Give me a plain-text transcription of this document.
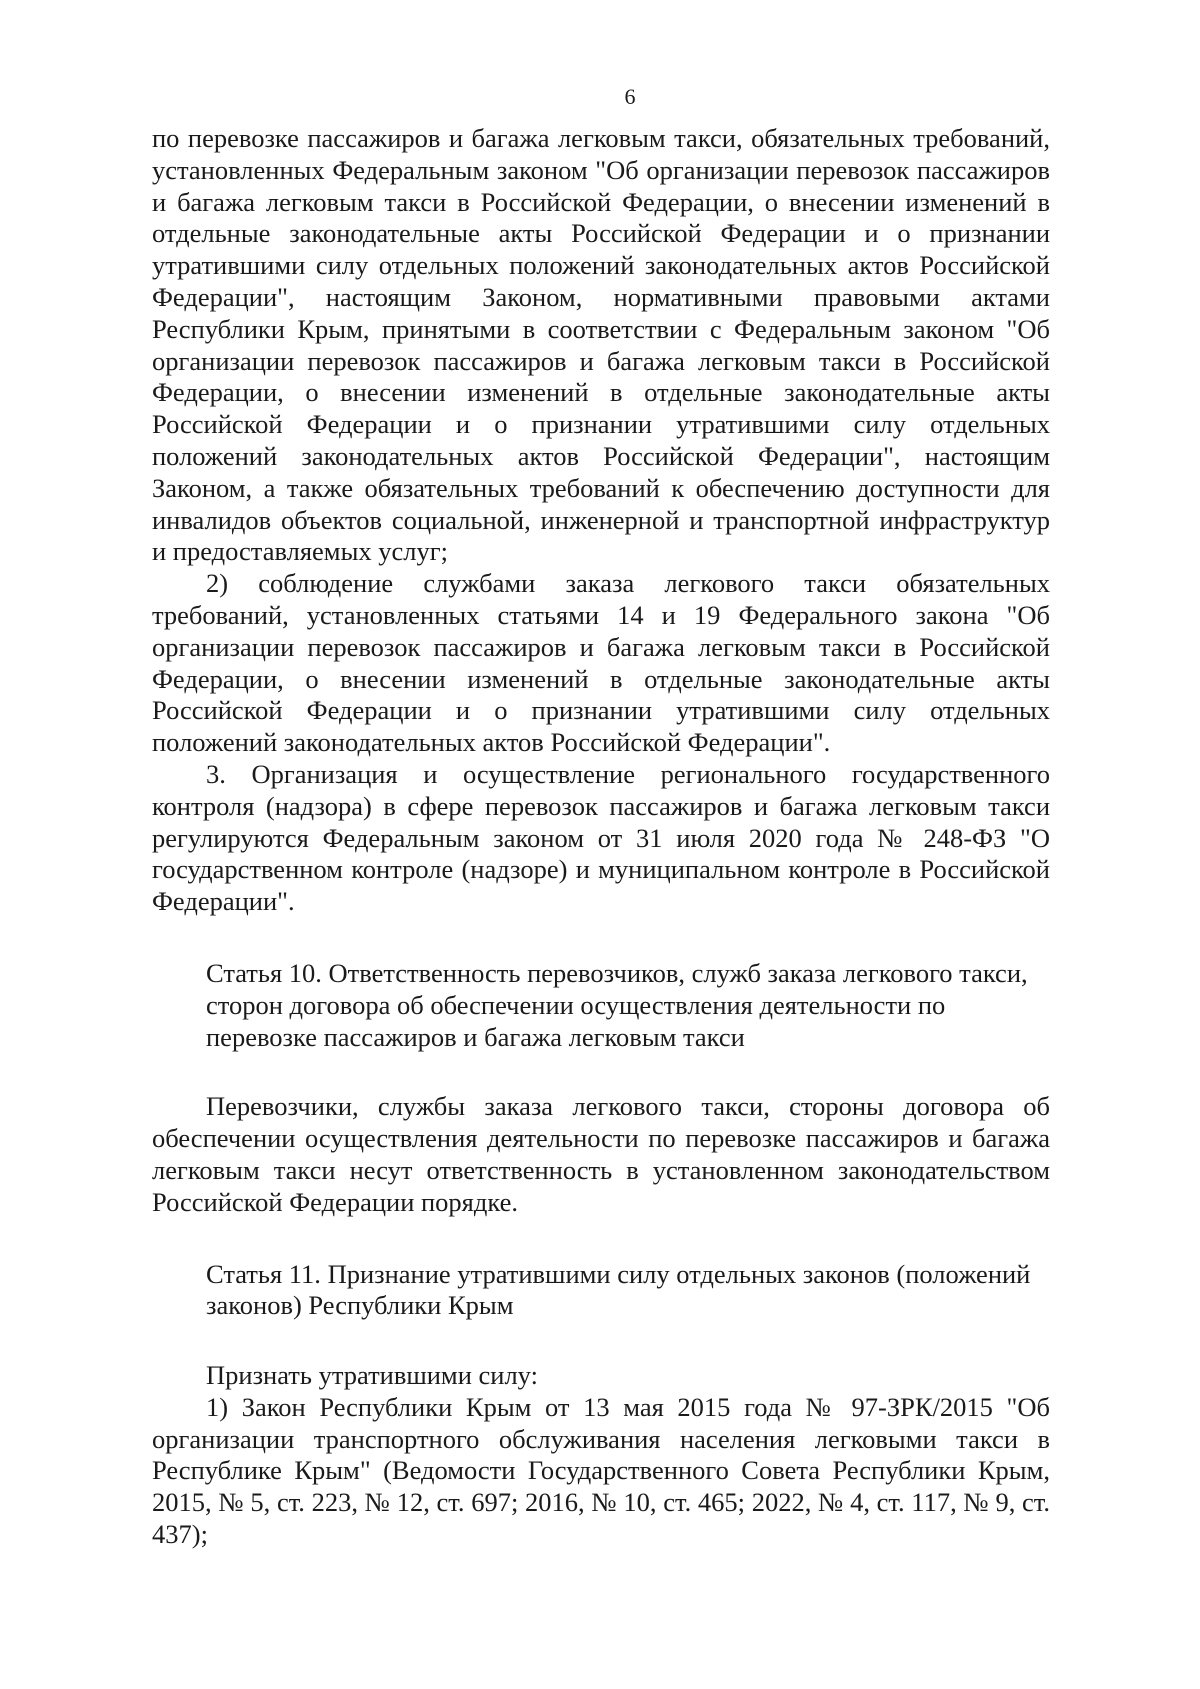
6

по перевозке пассажиров и багажа легковым такси, обязательных требований, установленных Федеральным законом "Об организации перевозок пассажиров и багажа легковым такси в Российской Федерации, о внесении изменений в отдельные законодательные акты Российской Федерации и о признании утратившими силу отдельных положений законодательных актов Российской Федерации", настоящим Законом, нормативными правовыми актами Республики Крым, принятыми в соответствии с Федеральным законом "Об организации перевозок пассажиров и багажа легковым такси в Российской Федерации, о внесении изменений в отдельные законодательные акты Российской Федерации и о признании утратившими силу отдельных положений законодательных актов Российской Федерации", настоящим Законом, а также обязательных требований к обеспечению доступности для инвалидов объектов социальной, инженерной и транспортной инфраструктур и предоставляемых услуг;

2) соблюдение службами заказа легкового такси обязательных требований, установленных статьями 14 и 19 Федерального закона "Об организации перевозок пассажиров и багажа легковым такси в Российской Федерации, о внесении изменений в отдельные законодательные акты Российской Федерации и о признании утратившими силу отдельных положений законодательных актов Российской Федерации".

3. Организация и осуществление регионального государственного контроля (надзора) в сфере перевозок пассажиров и багажа легковым такси регулируются Федеральным законом от 31 июля 2020 года № 248-ФЗ "О государственном контроле (надзоре) и муниципальном контроле в Российской Федерации".

Статья 10. Ответственность перевозчиков, служб заказа легкового такси, сторон договора об обеспечении осуществления деятельности по перевозке пассажиров и багажа легковым такси

Перевозчики, службы заказа легкового такси, стороны договора об обеспечении осуществления деятельности по перевозке пассажиров и багажа легковым такси несут ответственность в установленном законодательством Российской Федерации порядке.

Статья 11. Признание утратившими силу отдельных законов (положений законов) Республики Крым

Признать утратившими силу:

1) Закон Республики Крым от 13 мая 2015 года № 97-ЗРК/2015 "Об организации транспортного обслуживания населения легковыми такси в Республике Крым" (Ведомости Государственного Совета Республики Крым, 2015, № 5, ст. 223, № 12, ст. 697; 2016, № 10, ст. 465; 2022, № 4, ст. 117, № 9, ст. 437);
